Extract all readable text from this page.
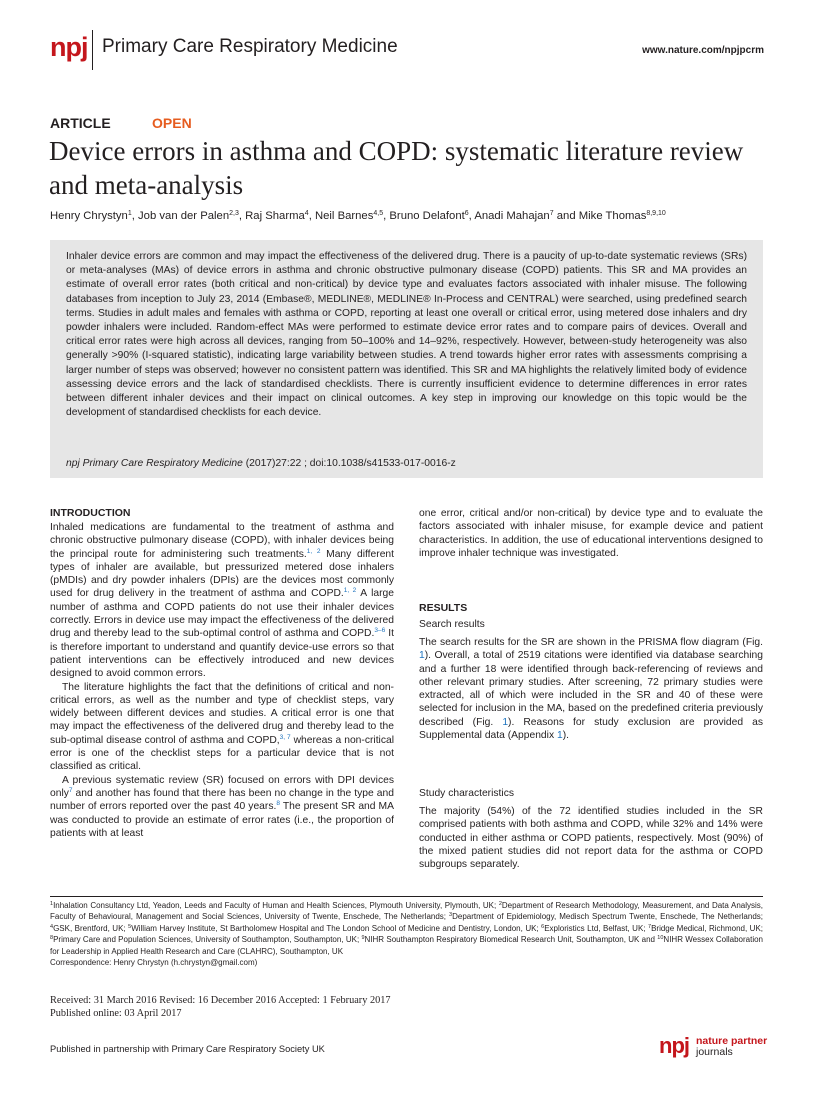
npj Primary Care Respiratory Medicine	www.nature.com/npjpcrm
ARTICLE	OPEN
Device errors in asthma and COPD: systematic literature review and meta-analysis
Henry Chrystyn$^1$, Job van der Palen$^{2,3}$, Raj Sharma$^4$, Neil Barnes$^{4,5}$, Bruno Delafont$^6$, Anadi Mahajan$^7$ and Mike Thomas$^{8,9,10}$
Inhaler device errors are common and may impact the effectiveness of the delivered drug. There is a paucity of up-to-date systematic reviews (SRs) or meta-analyses (MAs) of device errors in asthma and chronic obstructive pulmonary disease (COPD) patients. This SR and MA provides an estimate of overall error rates (both critical and non-critical) by device type and evaluates factors associated with inhaler misuse. The following databases from inception to July 23, 2014 (Embase®, MEDLINE®, MEDLINE® In-Process and CENTRAL) were searched, using predefined search terms. Studies in adult males and females with asthma or COPD, reporting at least one overall or critical error, using metered dose inhalers and dry powder inhalers were included. Random-effect MAs were performed to estimate device error rates and to compare pairs of devices. Overall and critical error rates were high across all devices, ranging from 50–100% and 14–92%, respectively. However, between-study heterogeneity was also generally >90% (I-squared statistic), indicating large variability between studies. A trend towards higher error rates with assessments comprising a larger number of steps was observed; however no consistent pattern was identified. This SR and MA highlights the relatively limited body of evidence assessing device errors and the lack of standardised checklists. There is currently insufficient evidence to determine differences in error rates between different inhaler devices and their impact on clinical outcomes. A key step in improving our knowledge on this topic would be the development of standardised checklists for each device.
npj Primary Care Respiratory Medicine (2017)27:22 ; doi:10.1038/s41533-017-0016-z
INTRODUCTION

Inhaled medications are fundamental to the treatment of asthma and chronic obstructive pulmonary disease (COPD), with inhaler devices being the principal route for administering such treatments.$^{1, 2}$ Many different types of inhaler are available, but pressurized metered dose inhalers (pMDIs) and dry powder inhalers (DPIs) are the devices most commonly used for drug delivery in the treatment of asthma and COPD.$^{1, 2}$ A large number of asthma and COPD patients do not use their inhaler devices correctly. Errors in device use may impact the effectiveness of the delivered drug and thereby lead to the sub-optimal control of asthma and COPD.$^{3-6}$ It is therefore important to understand and quantify device-use errors so that patient interventions can be effectively introduced and new devices designed to avoid common errors.

The literature highlights the fact that the definitions of critical and non-critical errors, as well as the number and type of checklist steps, vary widely between different devices and studies. A critical error is one that may impact the effectiveness of the delivered drug and thereby lead to the sub-optimal disease control of asthma and COPD,$^{3, 7}$ whereas a non-critical error is one of the checklist steps for a particular device that is not classified as critical.

A previous systematic review (SR) focused on errors with DPI devices only$^7$ and another has found that there has been no change in the type and number of errors reported over the past 40 years.$^8$ The present SR and MA was conducted to provide an estimate of error rates (i.e., the proportion of patients with at least

one error, critical and/or non-critical) by device type and to evaluate the factors associated with inhaler misuse, for example device and patient characteristics. In addition, the use of educational interventions designed to improve inhaler technique was investigated.

RESULTS
Search results

The search results for the SR are shown in the PRISMA flow diagram (Fig. 1). Overall, a total of 2519 citations were identified via database searching and a further 18 were identified through back-referencing of reviews and other relevant primary studies. After screening, 72 primary studies were extracted, all of which were included in the SR and 40 of these were selected for inclusion in the MA, based on the predefined criteria previously described (Fig. 1). Reasons for study exclusion are provided as Supplemental data (Appendix 1).

Study characteristics

The majority (54%) of the 72 identified studies included in the SR comprised patients with both asthma and COPD, while 32% and 14% were conducted in either asthma or COPD patients, respectively. Most (90%) of the mixed patient studies did not report data for the asthma or COPD subgroups separately.

$^1$Inhalation Consultancy Ltd, Yeadon, Leeds and Faculty of Human and Health Sciences, Plymouth University, Plymouth, UK; $^2$Department of Research Methodology, Measurement, and Data Analysis, Faculty of Behavioural, Management and Social Sciences, University of Twente, Enschede, The Netherlands; $^3$Department of Epidemiology, Medisch Spectrum Twente, Enschede, The Netherlands; $^4$GSK, Brentford, UK; $^5$William Harvey Institute, St Bartholomew Hospital and The London School of Medicine and Dentistry, London, UK; $^6$Exploristics Ltd, Belfast, UK; $^7$Bridge Medical, Richmond, UK; $^8$Primary Care and Population Sciences, University of Southampton, Southampton, UK; $^9$NIHR Southampton Respiratory Biomedical Research Unit, Southampton, UK and $^{10}$NIHR Wessex Collaboration for Leadership in Applied Health Research and Care (CLAHRC), Southampton, UK
Correspondence: Henry Chrystyn (h.chrystyn@gmail.com)
Received: 31 March 2016 Revised: 16 December 2016 Accepted: 1 February 2017
Published online: 03 April 2017
Published in partnership with Primary Care Respiratory Society UK	npj nature partner
journals
